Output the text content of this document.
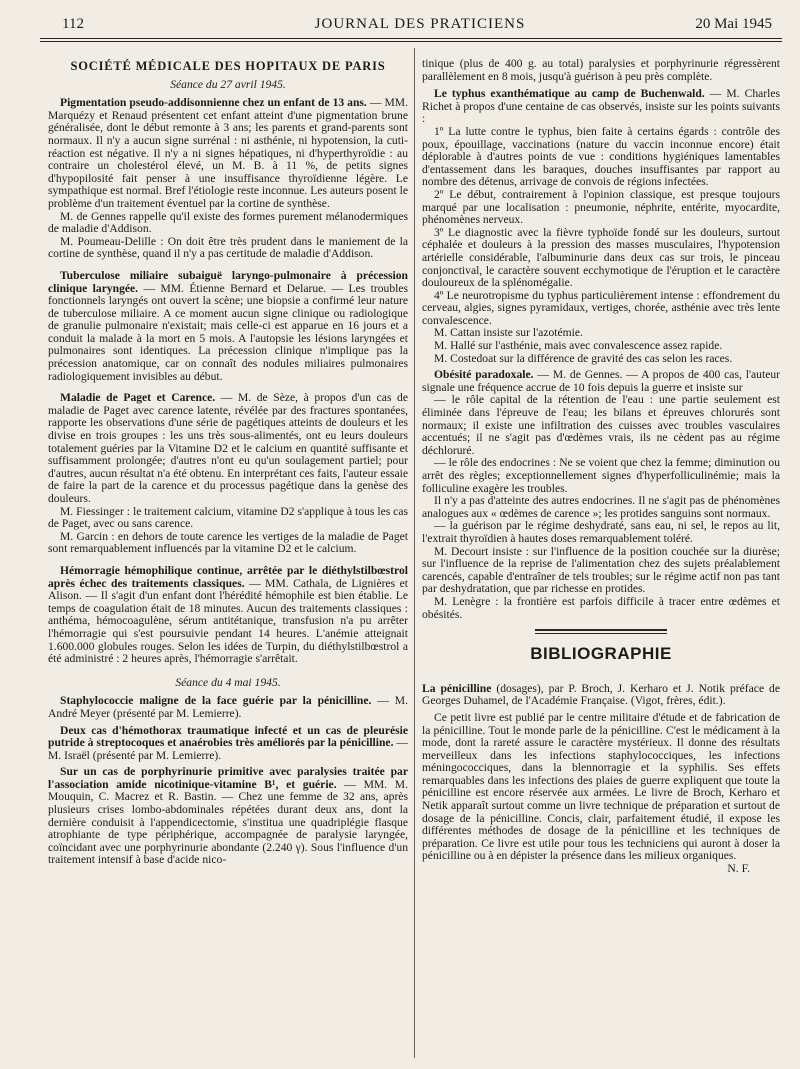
112	JOURNAL DES PRATICIENS	20 Mai 1945
SOCIÉTÉ MÉDICALE DES HOPITAUX DE PARIS
Séance du 27 avril 1945.

Pigmentation pseudo-addisonnienne chez un enfant de 13 ans. — MM. Marquézy et Renaud présentent cet enfant atteint d'une pigmentation brune généralisée, dont le début remonte à 3 ans; les parents et grand-parents sont normaux. Il n'y a aucun signe surrénal : ni asthénie, ni hypotension, la cuti-réaction est négative. Il n'y a ni signes hépatiques, ni d'hyperthyroïdie : au contraire un cholestérol élevé, un M. B. à 11 %, de petits signes d'hypopilosité fait penser à une insuffisance thyroïdienne légère. Le sympathique est normal. Bref l'étiologie reste inconnue. Les auteurs posent le problème d'un traitement éventuel par la cortine de synthèse.

M. de Gennes rappelle qu'il existe des formes purement mélanodermiques de maladie d'Addison.

M. Poumeau-Delille : On doit être très prudent dans le maniement de la cortine de synthèse, quand il n'y a pas certitude de maladie d'Addison.

Tuberculose miliaire subaiguë laryngo-pulmonaire à précession clinique laryngée. — MM. Étienne Bernard et Delarue. — Les troubles fonctionnels laryngés ont ouvert la scène; une biopsie a confirmé leur nature de tuberculose miliaire. A ce moment aucun signe clinique ou radiologique de granulie pulmonaire n'existait; mais celle-ci est apparue en 16 jours et a conduit la malade à la mort en 5 mois. A l'autopsie les lésions laryngées et pulmonaires sont identiques. La précession clinique n'implique pas la précession anatomique, car on connaît des nodules miliaires pulmonaires radiologiquement invisibles au début.

Maladie de Paget et Carence. — M. de Sèze, à propos d'un cas de maladie de Paget avec carence latente, révélée par des fractures spontanées, rapporte les observations d'une série de pagétiques atteints de douleurs et les divise en trois groupes : les uns très sous-alimentés, ont eu leurs douleurs totalement guéries par la Vitamine D2 et le calcium en quantité suffisante et suffisamment prolongée; d'autres n'ont eu qu'un soulagement partiel; pour d'autres, aucun résultat n'a été obtenu. En interprétant ces faits, l'auteur essaie de faire la part de la carence et du processus pagétique dans la genèse des douleurs.

M. Fiessinger : le traitement calcium, vitamine D2 s'applique à tous les cas de Paget, avec ou sans carence.

M. Garcin : en dehors de toute carence les vertiges de la maladie de Paget sont remarquablement influencés par la vitamine D2 et le calcium.

Hémorragie hémophilique continue, arrêtée par le diéthylstilbœstrol après échec des traitements classiques. — MM. Cathala, de Lignières et Alison. — Il s'agit d'un enfant dont l'hérédité hémophile est bien établie. Le temps de coagulation était de 18 minutes. Aucun des traitements classiques : anthéma, hémocoagulène, sérum antitétanique, transfusion n'a pu arrêter l'hémorragie qui s'est poursuivie pendant 14 heures. L'anémie atteignait 1.600.000 globules rouges. Selon les idées de Turpin, du diéthylstilbœstrol a été administré : 2 heures après, l'hémorragie s'arrêtait.

Séance du 4 mai 1945.

Staphylococcie maligne de la face guérie par la pénicilline. — M. André Meyer (présenté par M. Lemierre).

Deux cas d'hémothorax traumatique infecté et un cas de pleurésie putride à streptocoques et anaérobies très améliorés par la pénicilline. — M. Israël (présenté par M. Lemierre).

Sur un cas de porphyrinurie primitive avec paralysies traitée par l'association amide nicotinique-vitamine B¹, et guérie. — MM. M. Mouquin, C. Macrez et R. Bastin. — Chez une femme de 32 ans, après plusieurs crises lombo-abdominales répétées durant deux ans, dont la dernière conduisit à l'appendicectomie, s'institua une quadriplégie flasque atrophiante de type périphérique, accompagnée de paralysie laryngée, coïncidant avec une porphyrinurie abondante (2.240 γ). Sous l'influence d'un traitement intensif à base d'acide nico-

tinique (plus de 400 g. au total) paralysies et porphyrinurie régressèrent parallèlement en 8 mois, jusqu'à guérison à peu près complète.

Le typhus exanthématique au camp de Buchenwald. — M. Charles Richet à propos d'une centaine de cas observés, insiste sur les points suivants :

1º La lutte contre le typhus, bien faite à certains égards : contrôle des poux, épouillage, vaccinations (nature du vaccin inconnue encore) était déplorable à d'autres points de vue : conditions hygiéniques lamentables d'entassement dans les baraques, douches insuffisantes par rapport au nombre des détenus, arrivage de convois de régions infectées.

2º Le début, contrairement à l'opinion classique, est presque toujours marqué par une localisation : pneumonie, néphrite, entérite, myocardite, phénomènes nerveux.

3º Le diagnostic avec la fièvre typhoïde fondé sur les douleurs, surtout céphalée et douleurs à la pression des masses musculaires, l'hypotension artérielle considérable, l'albuminurie dans deux cas sur trois, le pinceau conjonctival, le caractère souvent ecchymotique de l'éruption et le caractère douloureux de la splénomégalie.

4º Le neurotropisme du typhus particulièrement intense : effondrement du cerveau, algies, signes pyramidaux, vertiges, chorée, asthénie avec très lente convalescence.

M. Cattan insiste sur l'azotémie.

M. Hallé sur l'asthénie, mais avec convalescence assez rapide.

M. Costedoat sur la différence de gravité des cas selon les races.

Obésité paradoxale. — M. de Gennes. — A propos de 400 cas, l'auteur signale une fréquence accrue de 10 fois depuis la guerre et insiste sur

— le rôle capital de la rétention de l'eau : une partie seulement est éliminée dans l'épreuve de l'eau; les bilans et épreuves chlorurés sont normaux; il existe une infiltration des cuisses avec troubles vasculaires accentués; il ne s'agit pas d'œdèmes vrais, ils ne cèdent pas au régime déchloruré.

— le rôle des endocrines : Ne se voient que chez la femme; diminution ou arrêt des règles; exceptionnellement signes d'hyperfolliculinémie; mais la folliculine exagère les troubles.

Il n'y a pas d'atteinte des autres endocrines. Il ne s'agit pas de phénomènes analogues aux « œdèmes de carence »; les protides sanguins sont normaux.

— la guérison par le régime deshydraté, sans eau, ni sel, le repos au lit, l'extrait thyroïdien à hautes doses remarquablement toléré.

M. Decourt insiste : sur l'influence de la position couchée sur la diurèse; sur l'influence de la reprise de l'alimentation chez des sujets préalablement carencés, capable d'entraîner de tels troubles; sur le régime actif non pas tant par deshydratation, que par richesse en protides.

M. Lenègre : la frontière est parfois difficile à tracer entre œdèmes et obésités.

BIBLIOGRAPHIE

La pénicilline (dosages), par P. Broch, J. Kerharo et J. Notik préface de Georges Duhamel, de l'Académie Française. (Vigot, frères, édit.).

Ce petit livre est publié par le centre militaire d'étude et de fabrication de la pénicilline. Tout le monde parle de la pénicilline. C'est le médicament à la mode, dont la rareté assure le caractère mystérieux. Il donne des résultats merveilleux dans les infections staphylococciques, les infections méningococciques, dans la blennorragie et la syphilis. Ses effets remarquables dans les infections des plaies de guerre expliquent que toute la pénicilline est encore réservée aux armées. Le livre de Broch, Kerharo et Netik apparaît surtout comme un livre technique de préparation et surtout de dosage de la pénicilline. Concis, clair, parfaitement étudié, il expose les différentes méthodes de dosage de la pénicilline et les techniques de préparation. Ce livre est utile pour tous les techniciens qui auront à doser la pénicilline ou à en dépister la présence dans les milieux organiques.

N. F.
